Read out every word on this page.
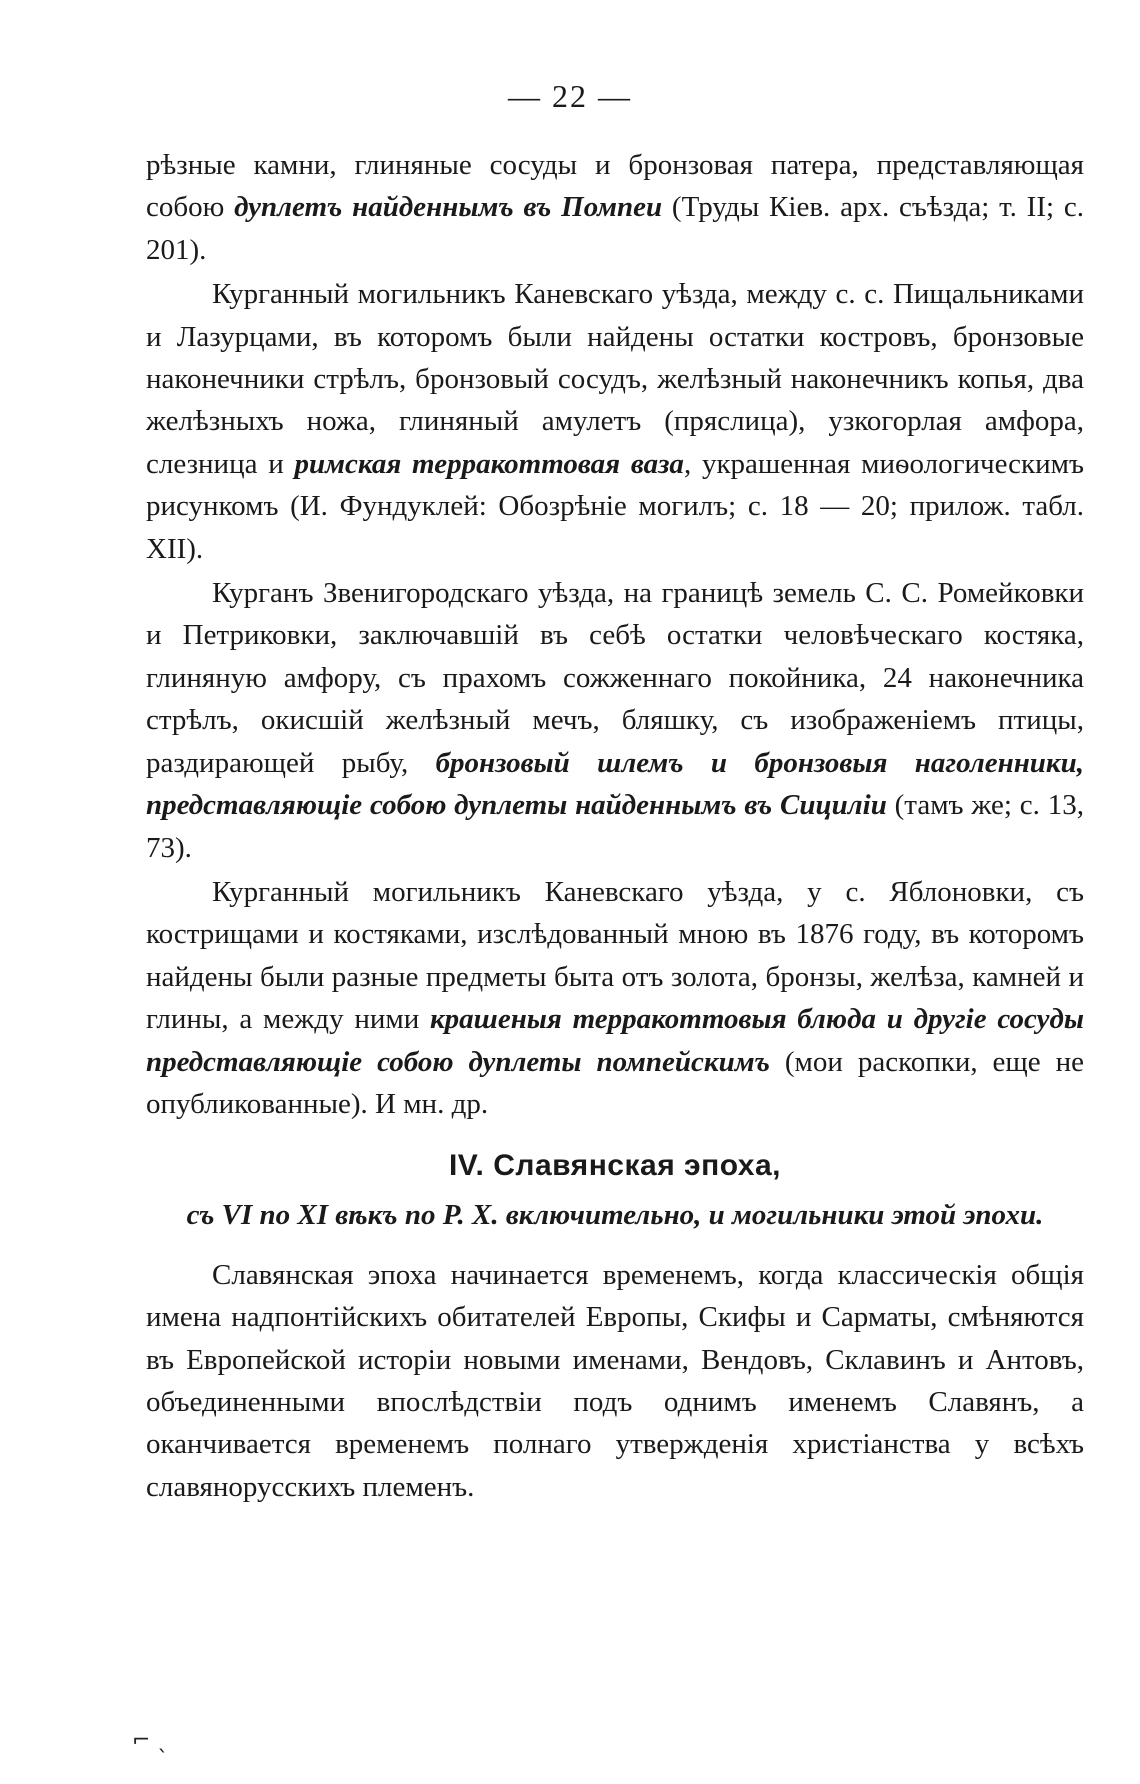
— 22 —

рѣзные камни, глиняные сосуды и бронзовая патера, представляющая собою дуплетъ найденнымъ въ Помпеи (Труды Кіев. арх. съѣзда; т. II; с. 201).

Курганный могильникъ Каневскаго уѣзда, между с. с. Пищальниками и Лазурцами, въ которомъ были найдены остатки костровъ, бронзовые наконечники стрѣлъ, бронзовый сосудъ, желѣзный наконечникъ копья, два желѣзныхъ ножа, глиняный амулетъ (пряслица), узкогорлая амфора, слезница и римская терракоттовая ваза, украшенная миѳологическимъ рисункомъ (И. Фундуклей: Обозрѣніе могилъ; с. 18 — 20; прилож. табл. XII).

Курганъ Звенигородскаго уѣзда, на границѣ земель С. С. Ромейковки и Петриковки, заключавшій въ себѣ остатки человѣческаго костяка, глиняную амфору, съ прахомъ сожженнаго покойника, 24 наконечника стрѣлъ, окисшій желѣзный мечъ, бляшку, съ изображеніемъ птицы, раздирающей рыбу, бронзовый шлемъ и бронзовыя наголенники, представляющіе собою дуплеты найденнымъ въ Сициліи (тамъ же; с. 13, 73).

Курганный могильникъ Каневскаго уѣзда, у с. Яблоновки, съ кострищами и костяками, изслѣдованный мною въ 1876 году, въ которомъ найдены были разные предметы быта отъ золота, бронзы, желѣза, камней и глины, а между ними крашеныя терракоттовыя блюда и другіе сосуды представляющіе собою дуплеты помпейскимъ (мои раскопки, еще не опубликованные). И мн. др.

IV. Славянская эпоха,
съ VI по XI вѣкъ по Р. Х. включительно, и могильники этой эпохи.

Славянская эпоха начинается временемъ, когда классическія общія имена надпонтійскихъ обитателей Европы, Скифы и Сарматы, смѣняются въ Европейской исторіи новыми именами, Вендовъ, Склавинъ и Антовъ, объединенными впослѣдствіи подъ однимъ именемъ Славянъ, а оканчивается временемъ полнаго утвержденія христіанства у всѣхъ славянорусскихъ племенъ.

⌐ ˎ
